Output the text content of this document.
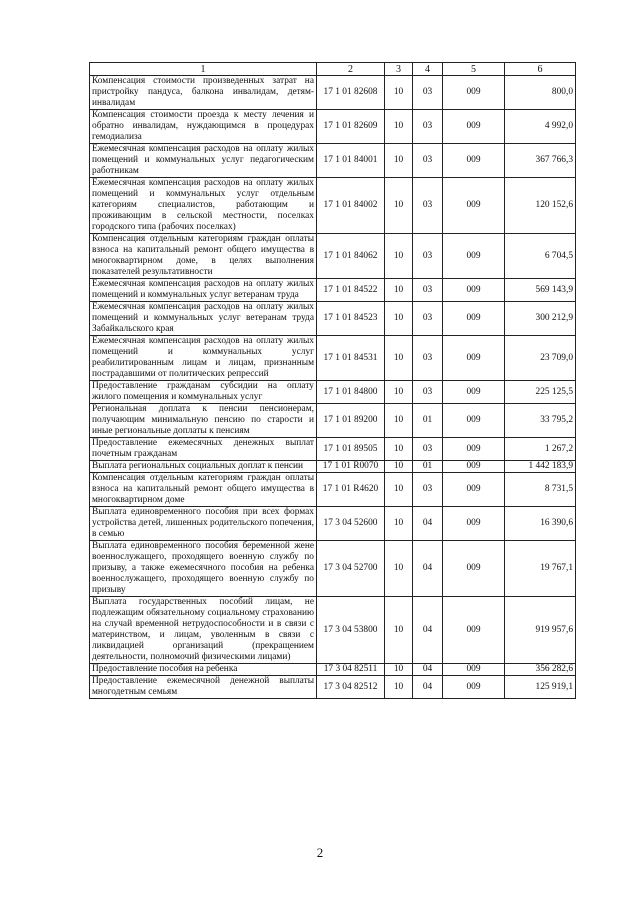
1	2	3	4	5	6
Компенсация стоимости произведенных затрат на пристройку пандуса, балкона инвалидам, детям-инвалидам	17 1 01 82608	10	03	009	800,0
Компенсация стоимости проезда к месту лечения и обратно инвалидам, нуждающимся в процедурах гемодиализа	17 1 01 82609	10	03	009	4 992,0
Ежемесячная компенсация расходов на оплату жилых помещений и коммунальных услуг педагогическим работникам	17 1 01 84001	10	03	009	367 766,3
Ежемесячная компенсация расходов на оплату жилых помещений и коммунальных услуг отдельным категориям специалистов, работающим и проживающим в сельской местности, поселках городского типа (рабочих поселках)	17 1 01 84002	10	03	009	120 152,6
Компенсация отдельным категориям граждан оплаты взноса на капитальный ремонт общего имущества в многоквартирном доме, в целях выполнения показателей результативности	17 1 01 84062	10	03	009	6 704,5
Ежемесячная компенсация расходов на оплату жилых помещений и коммунальных услуг ветеранам труда	17 1 01 84522	10	03	009	569 143,9
Ежемесячная компенсация расходов на оплату жилых помещений и коммунальных услуг ветеранам труда Забайкальского края	17 1 01 84523	10	03	009	300 212,9
Ежемесячная компенсация расходов на оплату жилых помещений и коммунальных услуг реабилитированным лицам и лицам, признанным пострадавшими от политических репрессий	17 1 01 84531	10	03	009	23 709,0
Предоставление гражданам субсидии на оплату жилого помещения и коммунальных услуг	17 1 01 84800	10	03	009	225 125,5
Региональная доплата к пенсии пенсионерам, получающим минимальную пенсию по старости и иные региональные доплаты к пенсиям	17 1 01 89200	10	01	009	33 795,2
Предоставление ежемесячных денежных выплат почетным гражданам	17 1 01 89505	10	03	009	1 267,2
Выплата региональных социальных доплат к пенсии	17 1 01 R0070	10	01	009	1 442 183,9
Компенсация отдельным категориям граждан оплаты взноса на капитальный ремонт общего имущества в многоквартирном доме	17 1 01 R4620	10	03	009	8 731,5
Выплата единовременного пособия при всех формах устройства детей, лишенных родительского попечения, в семью	17 3 04 52600	10	04	009	16 390,6
Выплата единовременного пособия беременной жене военнослужащего, проходящего военную службу по призыву, а также ежемесячного пособия на ребенка военнослужащего, проходящего военную службу по призыву	17 3 04 52700	10	04	009	19 767,1
Выплата государственных пособий лицам, не подлежащим обязательному социальному страхованию на случай временной нетрудоспособности и в связи с материнством, и лицам, уволенным в связи с ликвидацией организаций (прекращением деятельности, полномочий физическими лицами)	17 3 04 53800	10	04	009	919 957,6
Предоставление пособия на ребенка	17 3 04 82511	10	04	009	356 282,6
Предоставление ежемесячной денежной выплаты многодетным семьям	17 3 04 82512	10	04	009	125 919,1
2
